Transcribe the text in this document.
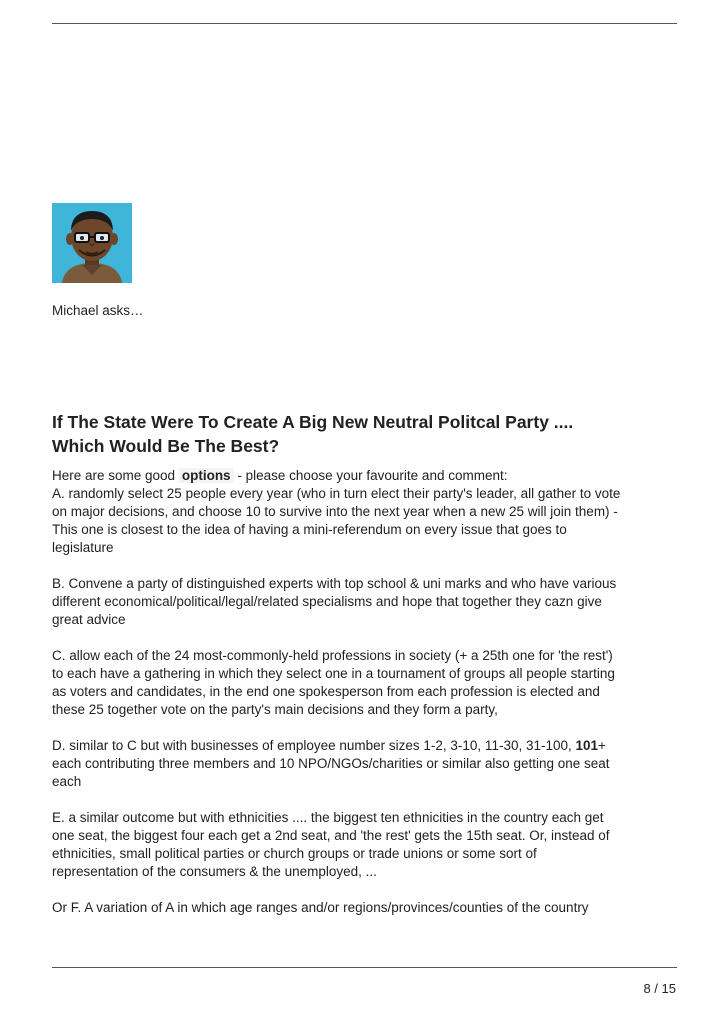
Michael asks…
If The State Were To Create A Big New Neutral Politcal Party ....
Which Would Be The Best?
Here are some good options - please choose your favourite and comment:
A. randomly select 25 people every year (who in turn elect their party's leader, all gather to vote
on major decisions, and choose 10 to survive into the next year when a new 25 will join them) -
This one is closest to the idea of having a mini-referendum on every issue that goes to
legislature
B. Convene a party of distinguished experts with top school & uni marks and who have various
different economical/political/legal/related specialisms and hope that together they cazn give
great advice
C. allow each of the 24 most-commonly-held professions in society (+ a 25th one for 'the rest')
to each have a gathering in which they select one in a tournament of groups all people starting
as voters and candidates, in the end one spokesperson from each profession is elected and
these 25 together vote on the party's main decisions and they form a party,
D. similar to C but with businesses of employee number sizes 1-2, 3-10, 11-30, 31-100, 101+
each contributing three members and 10 NPO/NGOs/charities or similar also getting one seat
each
E. a similar outcome but with ethnicities .... the biggest ten ethnicities in the country each get
one seat, the biggest four each get a 2nd seat, and 'the rest' gets the 15th seat. Or, instead of
ethnicities, small political parties or church groups or trade unions or some sort of
representation of the consumers & the unemployed, ...
Or F. A variation of A in which age ranges and/or regions/provinces/counties of the country
8 / 15
